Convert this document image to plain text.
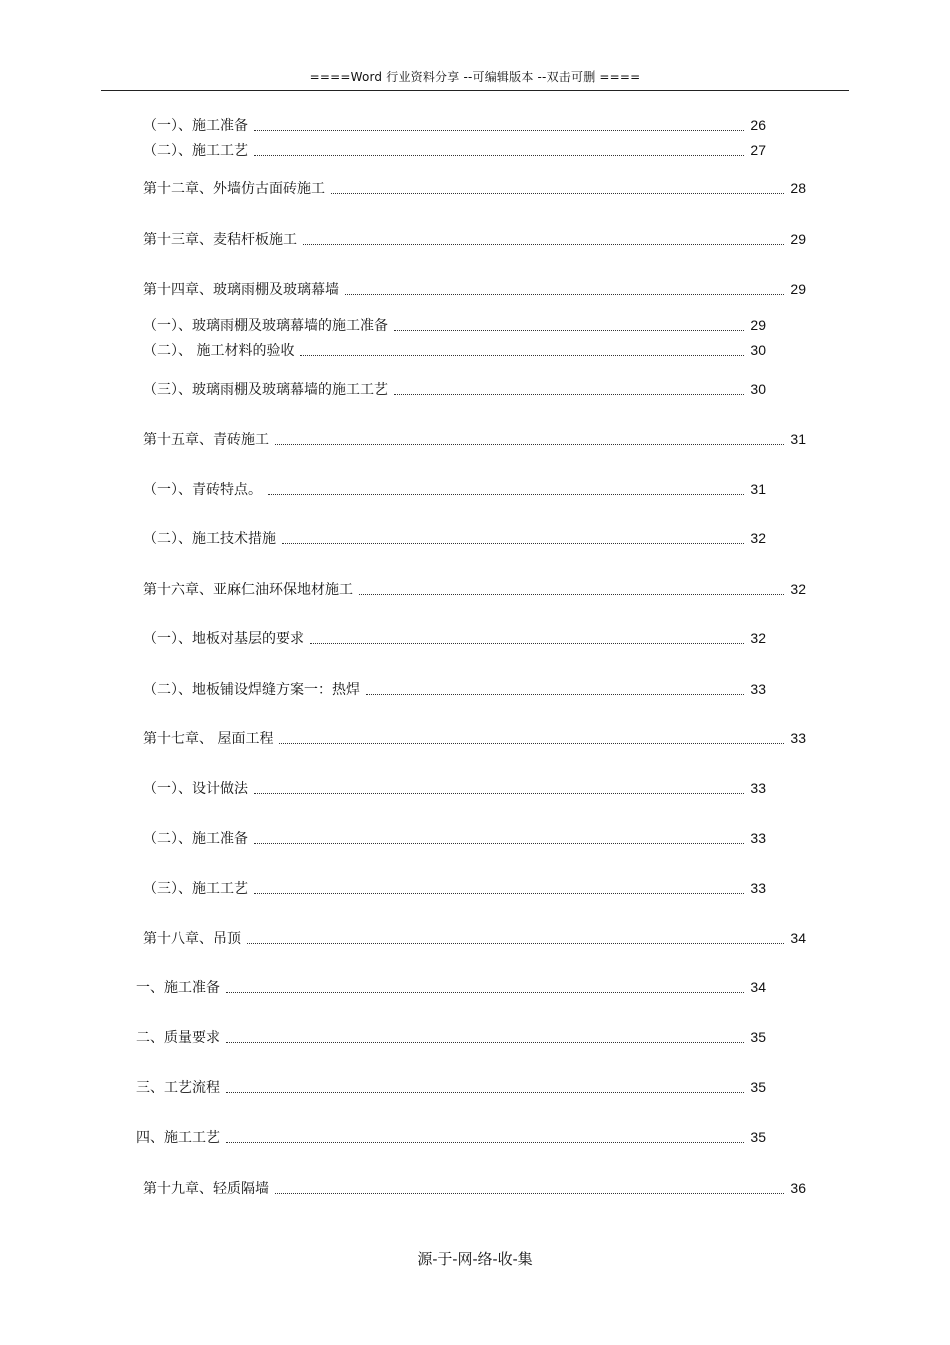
====Word 行业资料分享 --可编辑版本 --双击可删 ====
（一）、施工准备	26
（二）、施工工艺	27
第十二章、外墙仿古面砖施工	28
第十三章、麦秸杆板施工	29
第十四章、玻璃雨棚及玻璃幕墙	29
（一）、玻璃雨棚及玻璃幕墙的施工准备	29
（二）、 施工材料的验收	30
（三）、玻璃雨棚及玻璃幕墙的施工工艺	30
第十五章、青砖施工	31
（一）、青砖特点。	31
（二）、施工技术措施	32
第十六章、亚麻仁油环保地材施工	32
（一）、地板对基层的要求	32
（二）、地板铺设焊缝方案一：热焊	33
第十七章、 屋面工程	33
（一）、设计做法	33
（二）、施工准备	33
（三）、施工工艺	33
第十八章、吊顶	34
一、施工准备	34
二、质量要求	35
三、工艺流程	35
四、施工工艺	35
第十九章、轻质隔墙	36
源-于-网-络-收-集
